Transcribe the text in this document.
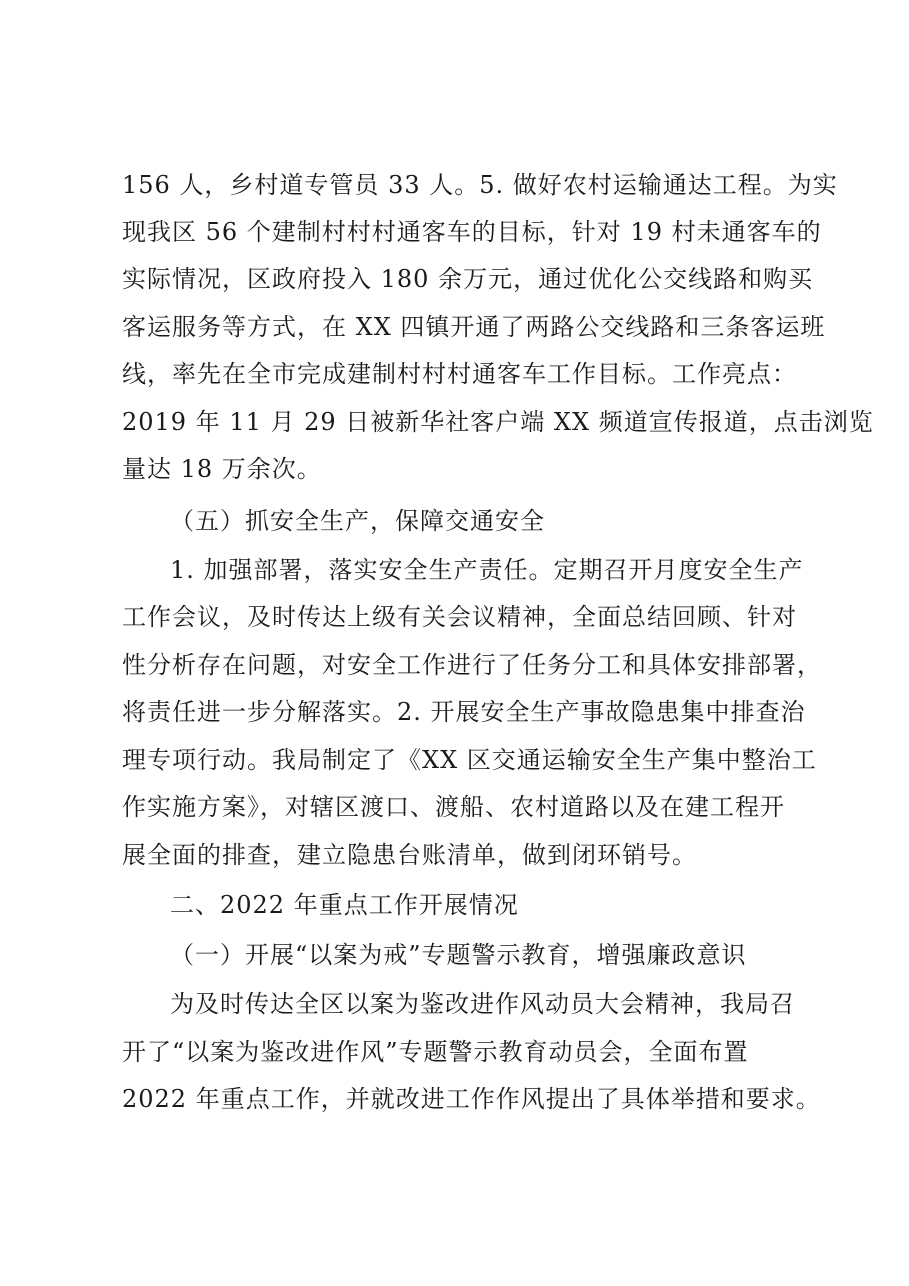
156 人，乡村道专管员 33 人。5. 做好农村运输通达工程。为实
现我区 56 个建制村村村通客车的目标，针对 19 村未通客车的
实际情况，区政府投入 180 余万元，通过优化公交线路和购买
客运服务等方式，在 XX 四镇开通了两路公交线路和三条客运班
线，率先在全市完成建制村村村通客车工作目标。工作亮点：
2019 年 11 月 29 日被新华社客户端 XX 频道宣传报道，点击浏览
量达 18 万余次。
（五）抓安全生产，保障交通安全
1. 加强部署，落实安全生产责任。定期召开月度安全生产
工作会议，及时传达上级有关会议精神，全面总结回顾、针对
性分析存在问题，对安全工作进行了任务分工和具体安排部署，
将责任进一步分解落实。2. 开展安全生产事故隐患集中排查治
理专项行动。我局制定了《XX 区交通运输安全生产集中整治工
作实施方案》，对辖区渡口、渡船、农村道路以及在建工程开
展全面的排查，建立隐患台账清单，做到闭环销号。
二、2022 年重点工作开展情况
（一）开展“以案为戒”专题警示教育，增强廉政意识
为及时传达全区以案为鉴改进作风动员大会精神，我局召
开了“以案为鉴改进作风”专题警示教育动员会，全面布置
2022 年重点工作，并就改进工作作风提出了具体举措和要求。
